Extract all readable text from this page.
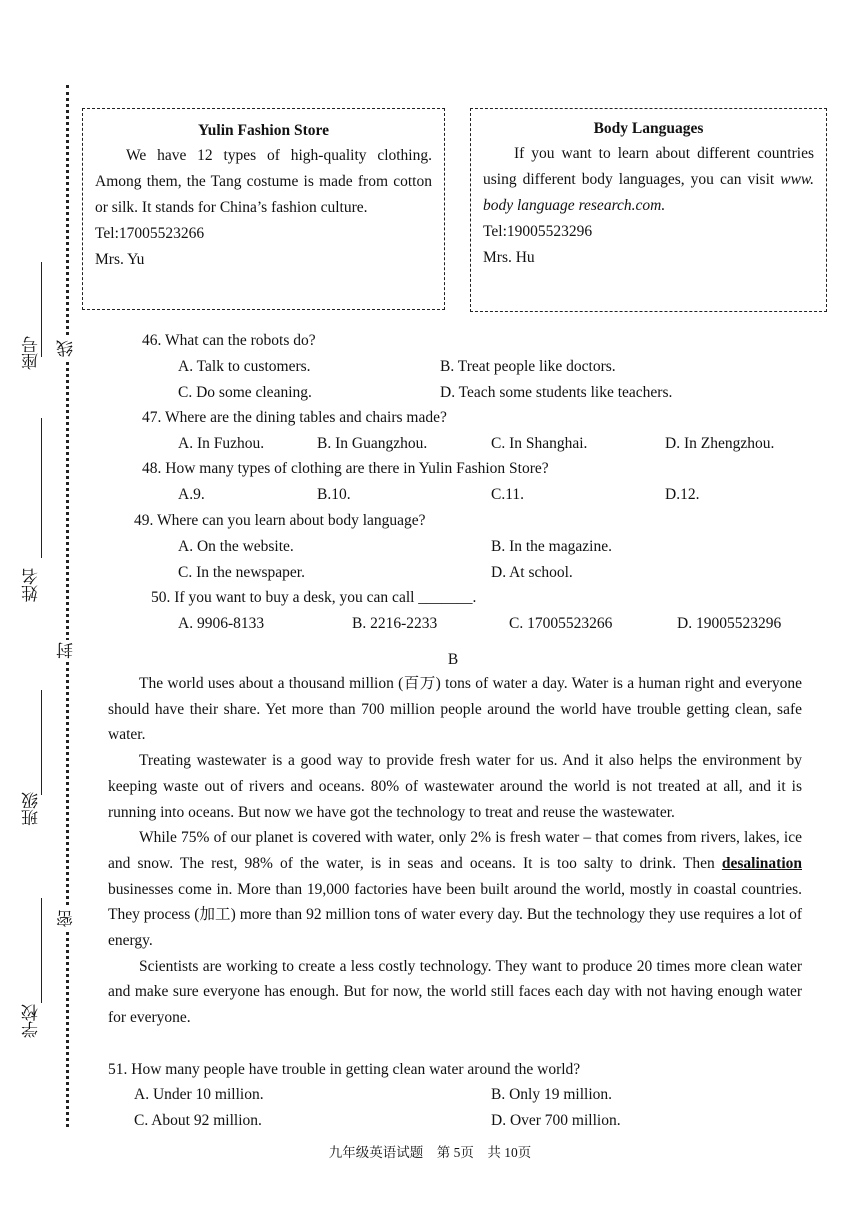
座号
姓名
班级
学校
线
封
密
Yulin Fashion Store

We have 12 types of high-quality clothing. Among them, the Tang costume is made from cotton or silk. It stands for China’s fashion culture.

Tel:17005523266

Mrs. Yu

Body Languages

If you want to learn about different countries using different body languages, you can visit www. body language research.com.

Tel:19005523296

Mrs. Hu

46. What can the robots do?
A. Talk to customers.	B. Treat people like doctors.
C. Do some cleaning.	D. Teach some students like teachers.
47. Where are the dining tables and chairs made?
A. In Fuzhou.	B. In Guangzhou.	C. In Shanghai.	D. In Zhengzhou.
48. How many types of clothing are there in Yulin Fashion Store?
A.9.	B.10.	C.11.	D.12.
49. Where can you learn about body language?
A. On the website.	B. In the magazine.
C. In the newspaper.	D. At school.
50. If you want to buy a desk, you can call _______.
A. 9906-8133	B. 2216-2233	C. 17005523266	D. 19005523296
B

The world uses about a thousand million (百万) tons of water a day. Water is a human right and everyone should have their share. Yet more than 700 million people around the world have trouble getting clean, safe water.

Treating wastewater is a good way to provide fresh water for us. And it also helps the environment by keeping waste out of rivers and oceans. 80% of wastewater around the world is not treated at all, and it is running into oceans. But now we have got the technology to treat and reuse the wastewater.

While 75% of our planet is covered with water, only 2% is fresh water – that comes from rivers, lakes, ice and snow. The rest, 98% of the water, is in seas and oceans. It is too salty to drink. Then desalination businesses come in. More than 19,000 factories have been built around the world, mostly in coastal countries. They process (加工) more than 92 million tons of water every day. But the technology they use requires a lot of energy.

Scientists are working to create a less costly technology. They want to produce 20 times more clean water and make sure everyone has enough. But for now, the world still faces each day with not having enough water for everyone.

51. How many people have trouble in getting clean water around the world?
A. Under 10 million.	B. Only 19 million.
C. About 92 million.	D. Over 700 million.
九年级英语试题　第 5页　共 10页
